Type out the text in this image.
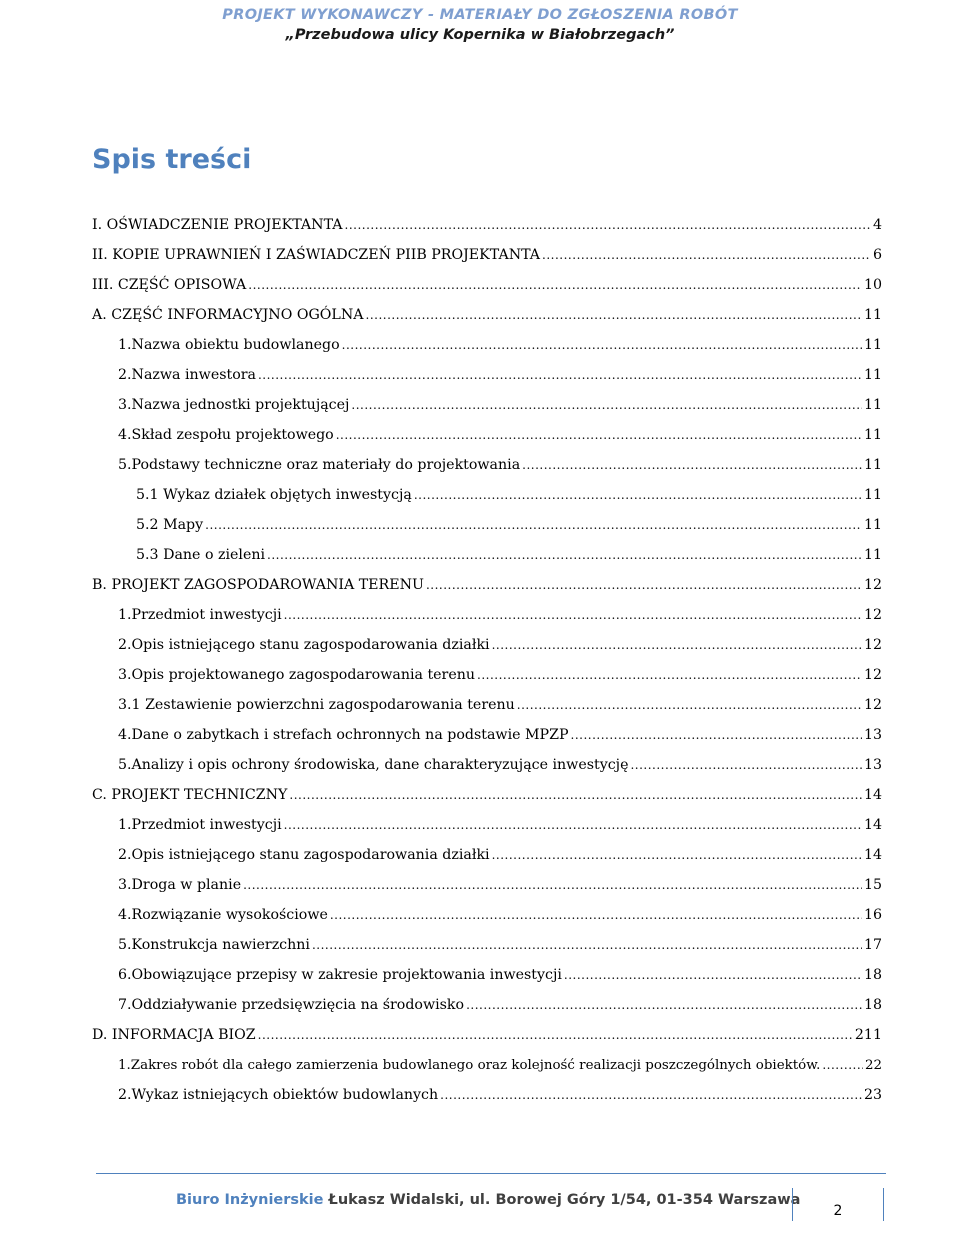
PROJEKT WYKONAWCZY - MATERIAŁY DO ZGŁOSZENIA ROBÓT
„Przebudowa ulicy Kopernika w Białobrzegach”
Spis treści
I. OŚWIADCZENIE PROJEKTANTA .....	4
II. KOPIE UPRAWNIEŃ I ZAŚWIADCZEŃ PIIB PROJEKTANTA .....	6
III. CZĘŚĆ OPISOWA .....	10
A. CZĘŚĆ INFORMACYJNO OGÓLNA .....	11
1.Nazwa obiektu budowlanego .....	11
2.Nazwa inwestora .....	11
3.Nazwa jednostki projektującej .....	11
4.Skład zespołu projektowego .....	11
5.Podstawy techniczne oraz materiały do projektowania .....	11
5.1 Wykaz działek objętych inwestycją .....	11
5.2 Mapy .....	11
5.3 Dane o zieleni .....	11
B. PROJEKT ZAGOSPODAROWANIA TERENU .....	12
1.Przedmiot inwestycji .....	12
2.Opis istniejącego stanu zagospodarowania działki .....	12
3.Opis projektowanego zagospodarowania terenu .....	12
3.1 Zestawienie powierzchni zagospodarowania terenu .....	12
4.Dane o zabytkach i strefach ochronnych na podstawie MPZP .....	13
5.Analizy i opis ochrony środowiska, dane charakteryzujące inwestycję .....	13
C. PROJEKT TECHNICZNY .....	14
1.Przedmiot inwestycji .....	14
2.Opis istniejącego stanu zagospodarowania działki .....	14
3.Droga w planie .....	15
4.Rozwiązanie wysokościowe .....	16
5.Konstrukcja nawierzchni .....	17
6.Obowiązujące przepisy w zakresie projektowania inwestycji .....	18
7.Oddziaływanie przedsięwzięcia na środowisko .....	18
D. INFORMACJA BIOZ .....	211
1.Zakres robót dla całego zamierzenia budowlanego oraz kolejność realizacji poszczególnych obiektów. .....	22
2.Wykaz istniejących obiektów budowlanych .....	23
Biuro Inżynierskie Łukasz Widalski, ul. Borowej Góry 1/54, 01-354 Warszawa
2
